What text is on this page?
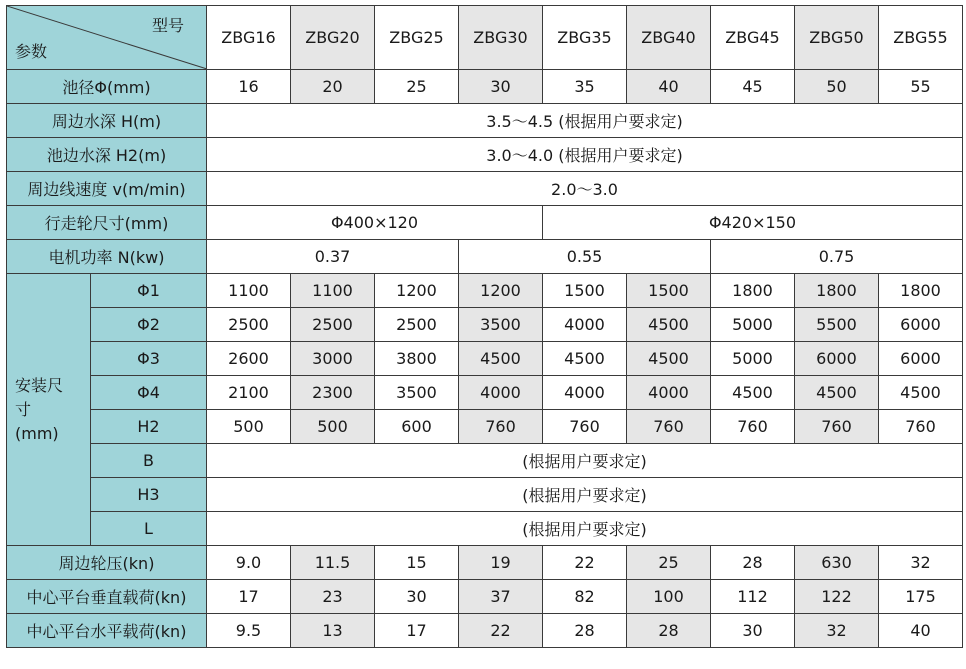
型号
参数		ZBG16	ZBG20	ZBG25	ZBG30	ZBG35	ZBG40	ZBG45	ZBG50	ZBG55
池径Φ(mm)		16	20	25	30	35	40	45	50	55
周边水深 H(m)		3.5～4.5 (根据用户要求定)								
池边水深 H2(m)		3.0～4.0 (根据用户要求定)								
周边线速度 v(m/min)		2.0～3.0								
行走轮尺寸(mm)		Φ400×120				Φ420×150				
电机功率 N(kw)		0.37			0.55			0.75		
安装尺
寸
(mm)	Φ1	1100	1100	1200	1200	1500	1500	1800	1800	1800
	Φ2	2500	2500	2500	3500	4000	4500	5000	5500	6000
	Φ3	2600	3000	3800	4500	4500	4500	5000	6000	6000
	Φ4	2100	2300	3500	4000	4000	4000	4500	4500	4500
	H2	500	500	600	760	760	760	760	760	760
	B	(根据用户要求定)								
	H3	(根据用户要求定)								
	L	(根据用户要求定)								
周边轮压(kn)		9.0	11.5	15	19	22	25	28	630	32
中心平台垂直载荷(kn)		17	23	30	37	82	100	112	122	175
中心平台水平载荷(kn)		9.5	13	17	22	28	28	30	32	40
